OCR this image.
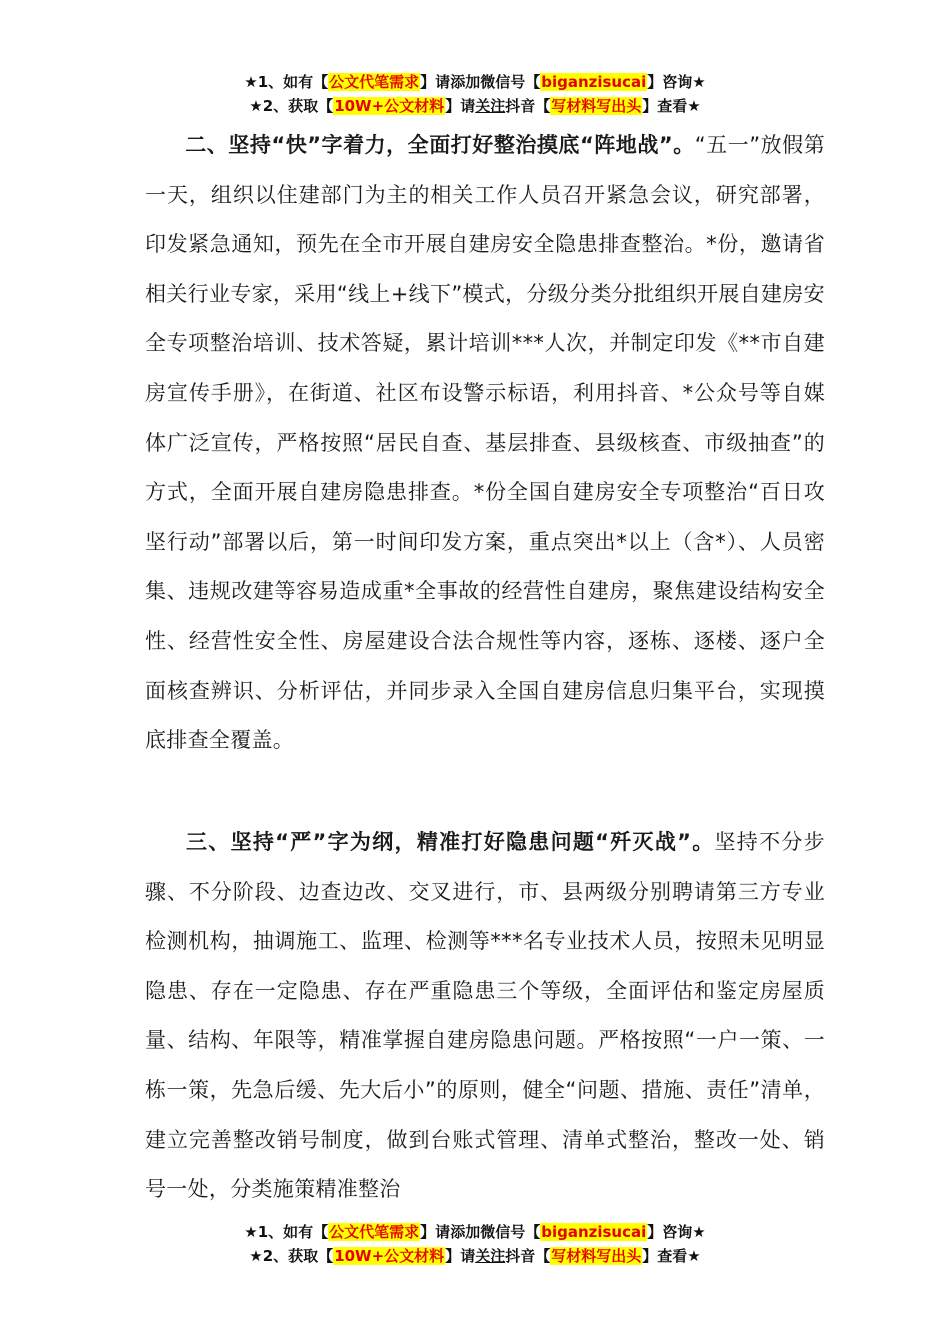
★1、如有【公文代笔需求】请添加微信号【biganzisucai】咨询★
★2、获取【10W+公文材料】请关注抖音【写材料写出头】查看★

二、坚持“快”字着力，全面打好整治摸底“阵地战”。“五一”放假第一天，组织以住建部门为主的相关工作人员召开紧急会议，研究部署，印发紧急通知，预先在全市开展自建房安全隐患排查整治。*份，邀请省相关行业专家，采用“线上+线下”模式，分级分类分批组织开展自建房安全专项整治培训、技术答疑，累计培训***人次，并制定印发《**市自建房宣传手册》，在街道、社区布设警示标语，利用抖音、*公众号等自媒体广泛宣传，严格按照“居民自查、基层排查、县级核查、市级抽查”的方式，全面开展自建房隐患排查。*份全国自建房安全专项整治“百日攻坚行动”部署以后，第一时间印发方案，重点突出*以上（含*）、人员密集、违规改建等容易造成重*全事故的经营性自建房，聚焦建设结构安全性、经营性安全性、房屋建设合法合规性等内容，逐栋、逐楼、逐户全面核查辨识、分析评估，并同步录入全国自建房信息归集平台，实现摸底排查全覆盖。

三、坚持“严”字为纲，精准打好隐患问题“歼灭战”。坚持不分步骤、不分阶段、边查边改、交叉进行，市、县两级分别聘请第三方专业检测机构，抽调施工、监理、检测等***名专业技术人员，按照未见明显隐患、存在一定隐患、存在严重隐患三个等级，全面评估和鉴定房屋质量、结构、年限等，精准掌握自建房隐患问题。严格按照“一户一策、一栋一策，先急后缓、先大后小”的原则，健全“问题、措施、责任”清单，建立完善整改销号制度，做到台账式管理、清单式整治，整改一处、销号一处，分类施策精准整治

★1、如有【公文代笔需求】请添加微信号【biganzisucai】咨询★
★2、获取【10W+公文材料】请关注抖音【写材料写出头】查看★
